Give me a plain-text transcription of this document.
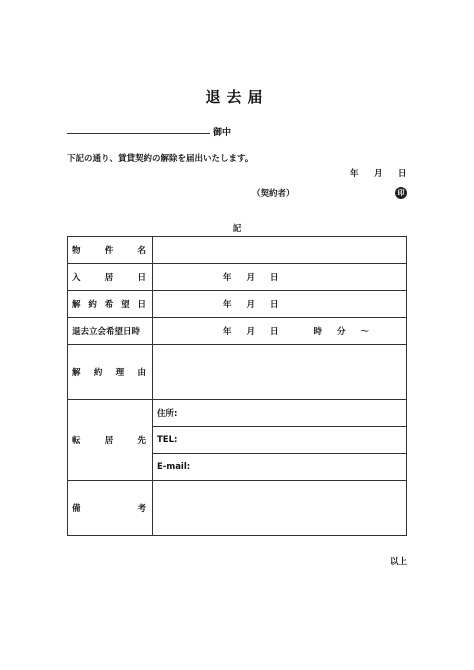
退去届
御中
下記の通り、賃貸契約の解除を届出いたします。
年 月 日
（契約者）	印
記
物 件 名	

入 居 日	年 月 日

解 約 希 望 日	年 月 日

退去立会希望日時	年 月 日 時 分 ～

解 約 理 由	

転 居 先	住所:
	TEL:
	E-mail:

備 考	

以上
